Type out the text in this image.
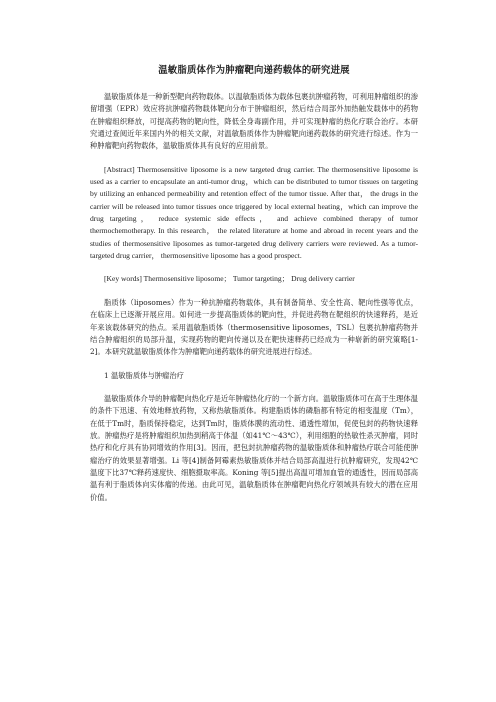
温敏脂质体作为肿瘤靶向递药载体的研究进展

温敏脂质体是一种新型靶向药物载体。以温敏脂质体为载体包裹抗肿瘤药物，可利用肿瘤组织的渗留增强（EPR）效应将抗肿瘤药物载体靶向分布于肿瘤组织，然后结合局部外加热触发载体中的药物在肿瘤组织释放，可提高药物的靶向性，降低全身毒副作用，并可实现肿瘤的热化疗联合治疗。本研究通过查阅近年来国内外的相关文献，对温敏脂质体作为肿瘤靶向递药载体的研究进行综述。作为一种肿瘤靶向药物载体，温敏脂质体具有良好的应用前景。

[Abstract] Thermosensitive liposome is a new targeted drug carrier. The thermosensitive liposome is used as a carrier to encapsulate an anti-tumor drug，which can be distributed to tumor tissues on targeting by utilizing an enhanced permeability and retention effect of the tumor tissue. After that， the drugs in the carrier will be released into tumor tissues once triggered by local external heating，which can improve the drug targeting， reduce systemic side effects， and achieve combined therapy of tumor thermochemotherapy. In this research， the related literature at home and abroad in recent years and the studies of thermosensitive liposomes as tumor-targeted drug delivery carriers were reviewed. As a tumor-targeted drug carrier， thermosensitive liposome has a good prospect.

[Key words] Thermosensitive liposome； Tumor targeting； Drug delivery carrier

脂质体（liposomes）作为一种抗肿瘤药物载体，具有制备简单、安全性高、靶向性强等优点，在临床上已逐渐开展应用。如何进一步提高脂质体的靶向性，并促进药物在靶组织的快速释药，是近年来该载体研究的热点。采用温敏脂质体（thermosensitive liposomes，TSL）包裹抗肿瘤药物并结合肿瘤组织的局部升温，实现药物的靶向传递以及在靶快速释药已经成为一种崭新的研究策略[1-2]。本研究就温敏脂质体作为肿瘤靶向递药载体的研究进展进行综述。

1 温敏脂质体与肿瘤治疗

温敏脂质体介导的肿瘤靶向热化疗是近年肿瘤热化疗的一个新方向。温敏脂质体可在高于生理体温的条件下迅速、有效地释放药物，又称热敏脂质体。构建脂质体的磷脂都有特定的相变温度（Tm），在低于Tm时，脂质保持稳定，达到Tm时，脂质体膜的流动性、通透性增加，促使包封的药物快速释放。肿瘤热疗是将肿瘤组织加热到稍高于体温（如41℃～43℃），利用细胞的热敏性杀灭肿瘤，同时热疗和化疗具有协同增效的作用[3]。因而，把包封抗肿瘤药物的温敏脂质体和肿瘤热疗联合可能使肿瘤治疗的效果显著增强。Li 等[4]制备阿霉素热敏脂质体并结合局部高温进行抗肿瘤研究，发现42℃温度下比37℃释药速度快、细胞摄取率高。Koning 等[5]提出高温可增加血管的通透性，因而局部高温有利于脂质体向实体瘤的传递。由此可见，温敏脂质体在肿瘤靶向热化疗领域具有较大的潜在应用价值。
